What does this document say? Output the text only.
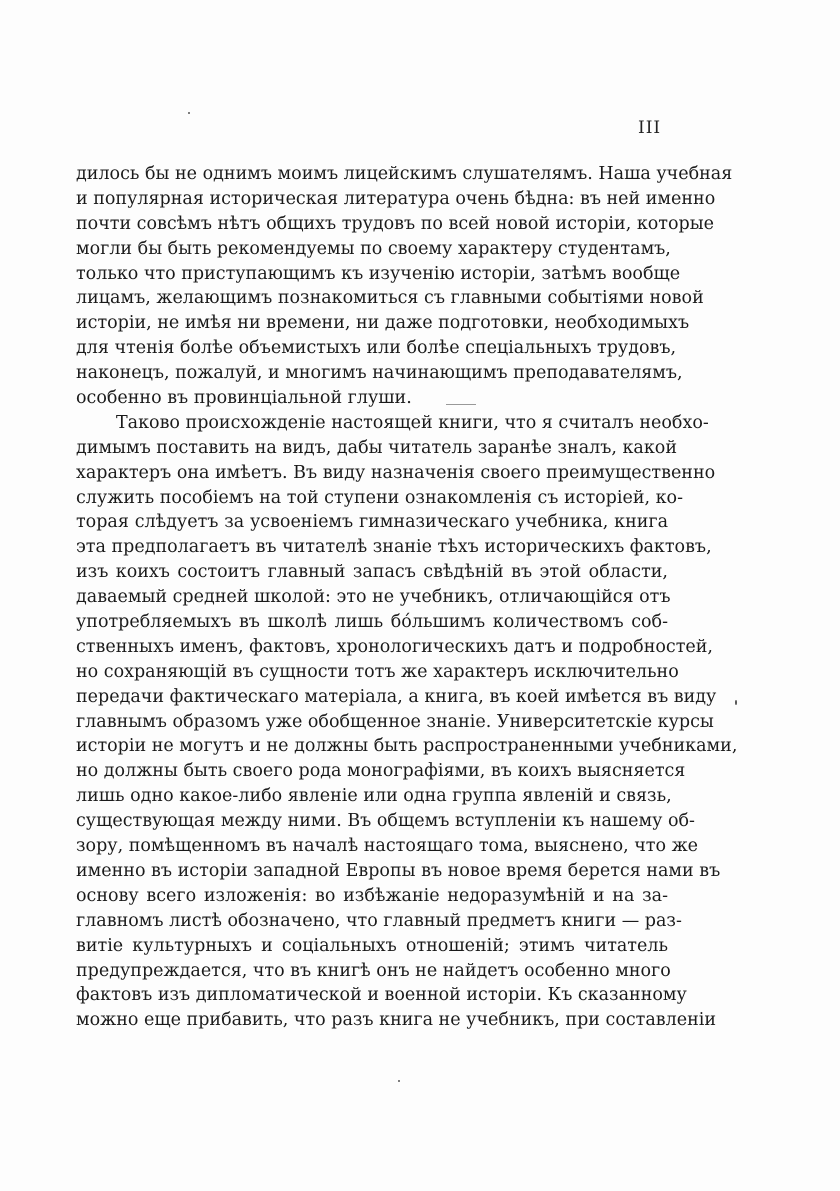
III
дилось бы не однимъ моимъ лицейскимъ слушателямъ. Наша учебная
и популярная историческая литература очень бѣдна: въ ней именно
почти совсѣмъ нѣтъ общихъ трудовъ по всей новой исторіи, которые
могли бы быть рекомендуемы по своему характеру студентамъ,
только что приступающимъ къ изученію исторіи, затѣмъ вообще
лицамъ, желающимъ познакомиться съ главными событіями новой
исторіи, не имѣя ни времени, ни даже подготовки, необходимыхъ
для чтенія болѣе объемистыхъ или болѣе спеціальныхъ трудовъ,
наконецъ, пожалуй, и многимъ начинающимъ преподавателямъ,
особенно въ провинціальной глуши.
Таково происхожденіе настоящей книги, что я считалъ необхо-
димымъ поставить на видъ, дабы читатель заранѣе зналъ, какой
характеръ она имѣетъ. Въ виду назначенія своего преимущественно
служить пособіемъ на той ступени ознакомленія съ исторіей, ко-
торая слѣдуетъ за усвоеніемъ гимназическаго учебника, книга
эта предполагаетъ въ читателѣ знаніе тѣхъ историческихъ фактовъ,
изъ коихъ состоитъ главный запасъ свѣдѣній въ этой области,
даваемый средней школой: это не учебникъ, отличающійся отъ
употребляемыхъ въ школѣ лишь бо́льшимъ количествомъ соб-
ственныхъ именъ, фактовъ, хронологическихъ датъ и подробностей,
но сохраняющій въ сущности тотъ же характеръ исключительно
передачи фактическаго матеріала, а книга, въ коей имѣется въ виду
главнымъ образомъ уже обобщенное знаніе. Университетскіе курсы
исторіи не могутъ и не должны быть распространенными учебниками,
но должны быть своего рода монографіями, въ коихъ выясняется
лишь одно какое-либо явленіе или одна группа явленій и связь,
существующая между ними. Въ общемъ вступленіи къ нашему об-
зору, помѣщенномъ въ началѣ настоящаго тома, выяснено, что же
именно въ исторіи западной Европы въ новое время берется нами въ
основу всего изложенія: во избѣжаніе недоразумѣній и на за-
главномъ листѣ обозначено, что главный предметъ книги — раз-
витіе культурныхъ и соціальныхъ отношеній; этимъ читатель
предупреждается, что въ книгѣ онъ не найдетъ особенно много
фактовъ изъ дипломатической и военной исторіи. Къ сказанному
можно еще прибавить, что разъ книга не учебникъ, при составленіи
